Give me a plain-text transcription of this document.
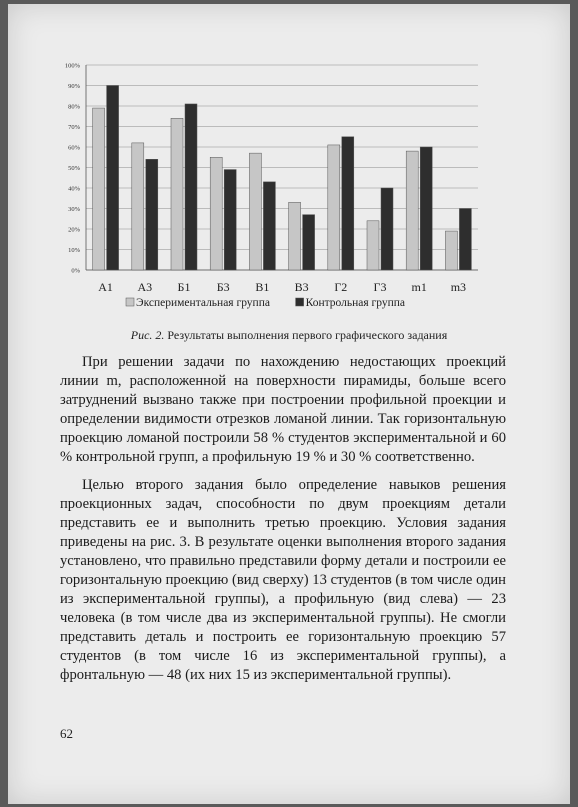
0%
10%
20%
30%
40%
50%
60%
70%
80%
90%
100%
А1 А3 Б1 Б3 В1 В3 Г2 Г3 m1 m3
Экспериментальная группа	Контрольная группа
Рис. 2. Результаты выполнения первого графического задания

При решении задачи по нахождению недостающих проекций линии m, расположенной на поверхности пирамиды, больше всего затруднений вызвано также при построении профильной проекции и определении видимости отрезков ломаной линии. Так горизонтальную проекцию ломаной построили 58 % студентов экспериментальной и 60 % контрольной групп, а профильную 19 % и 30 % соответственно.

Целью второго задания было определение навыков решения проекционных задач, способности по двум проекциям детали представить ее и выполнить третью проекцию. Условия задания приведены на рис. 3. В результате оценки выполнения второго задания установлено, что правильно представили форму детали и построили ее горизонтальную проекцию (вид сверху) 13 студентов (в том числе один из экспериментальной группы), а профильную (вид слева) — 23 человека (в том числе два из экспериментальной группы). Не смогли представить деталь и построить ее горизонтальную проекцию 57 студентов (в том числе 16 из экспериментальной группы), а фронтальную — 48 (их них 15 из экспериментальной группы).

62
